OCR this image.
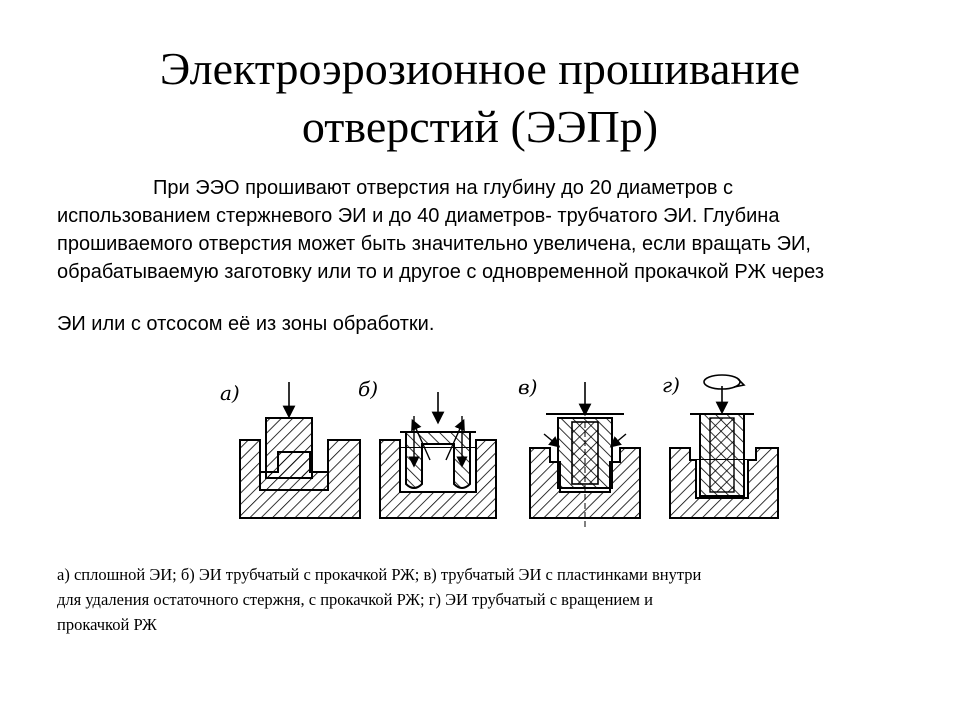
Электроэрозионное прошивание
отверстий (ЭЭПр)
При ЭЭО прошивают отверстия на глубину до 20 диаметров с
использованием стержневого ЭИ и до 40 диаметров- трубчатого ЭИ. Глубина
прошиваемого отверстия может быть значительно увеличена, если вращать ЭИ,
обрабатываемую заготовку или то и другое с одновременной прокачкой РЖ через
ЭИ или с отсосом её из зоны обработки.
а)	б)	в)	г)
а) сплошной ЭИ; б) ЭИ трубчатый с прокачкой РЖ; в) трубчатый ЭИ с пластинками внутри
для удаления остаточного стержня, с прокачкой РЖ; г) ЭИ трубчатый с вращением и
прокачкой РЖ
